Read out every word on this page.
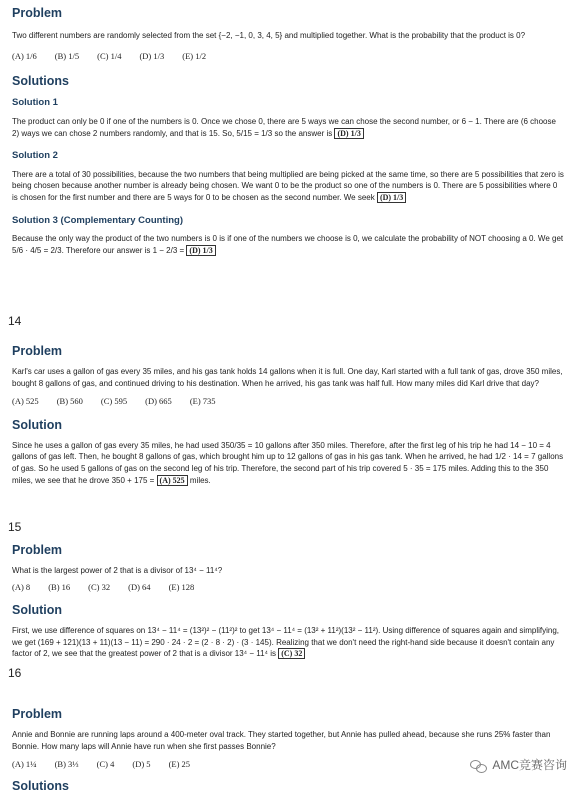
Problem

Two different numbers are randomly selected from the set {−2, −1, 0, 3, 4, 5} and multiplied together. What is the probability that the product is 0?

(A) 1/6 (B) 1/5 (C) 1/4 (D) 1/3 (E) 1/2
Solutions
Solution 1

The product can only be 0 if one of the numbers is 0. Once we chose 0, there are 5 ways we can chose the second number, or 6 − 1. There are (6 choose 2) ways we can chose 2 numbers randomly, and that is 15. So, 5/15 = 1/3 so the answer is (D) 1/3

Solution 2

There are a total of 30 possibilities, because the two numbers that being multiplied are being picked at the same time, so there are 5 possibilities that zero is being chosen because another number is already being chosen. We want 0 to be the product so one of the numbers is 0. There are 5 possibilities where 0 is chosen for the first number and there are 5 ways for 0 to be chosen as the second number. We seek (D) 1/3

Solution 3 (Complementary Counting)

Because the only way the product of the two numbers is 0 is if one of the numbers we choose is 0, we calculate the probability of NOT choosing a 0. We get 5/6 · 4/5 = 2/3. Therefore our answer is 1 − 2/3 = (D) 1/3

14
Problem

Karl's car uses a gallon of gas every 35 miles, and his gas tank holds 14 gallons when it is full. One day, Karl started with a full tank of gas, drove 350 miles, bought 8 gallons of gas, and continued driving to his destination. When he arrived, his gas tank was half full. How many miles did Karl drive that day?

(A) 525 (B) 560 (C) 595 (D) 665 (E) 735
Solution

Since he uses a gallon of gas every 35 miles, he had used 350/35 = 10 gallons after 350 miles. Therefore, after the first leg of his trip he had 14 − 10 = 4 gallons of gas left. Then, he bought 8 gallons of gas, which brought him up to 12 gallons of gas in his gas tank. When he arrived, he had 1/2 · 14 = 7 gallons of gas. So he used 5 gallons of gas on the second leg of his trip. Therefore, the second part of his trip covered 5 · 35 = 175 miles. Adding this to the 350 miles, we see that he drove 350 + 175 = (A) 525 miles.

15
Problem

What is the largest power of 2 that is a divisor of 13⁴ − 11⁴?

(A) 8 (B) 16 (C) 32 (D) 64 (E) 128
Solution

First, we use difference of squares on 13⁴ − 11⁴ = (13²)² − (11²)² to get 13⁴ − 11⁴ = (13² + 11²)(13² − 11²). Using difference of squares again and simplifying, we get (169 + 121)(13 + 11)(13 − 11) = 290 · 24 · 2 = (2 · 8 · 2) · (3 · 145). Realizing that we don't need the right-hand side because it doesn't contain any factor of 2, we see that the greatest power of 2 that is a divisor 13⁴ − 11⁴ is (C) 32

16
Problem

Annie and Bonnie are running laps around a 400-meter oval track. They started together, but Annie has pulled ahead, because she runs 25% faster than Bonnie. How many laps will Annie have run when she first passes Bonnie?

(A) 1¼ (B) 3⅓ (C) 4 (D) 5 (E) 25
Solutions
AMC竞赛咨询
